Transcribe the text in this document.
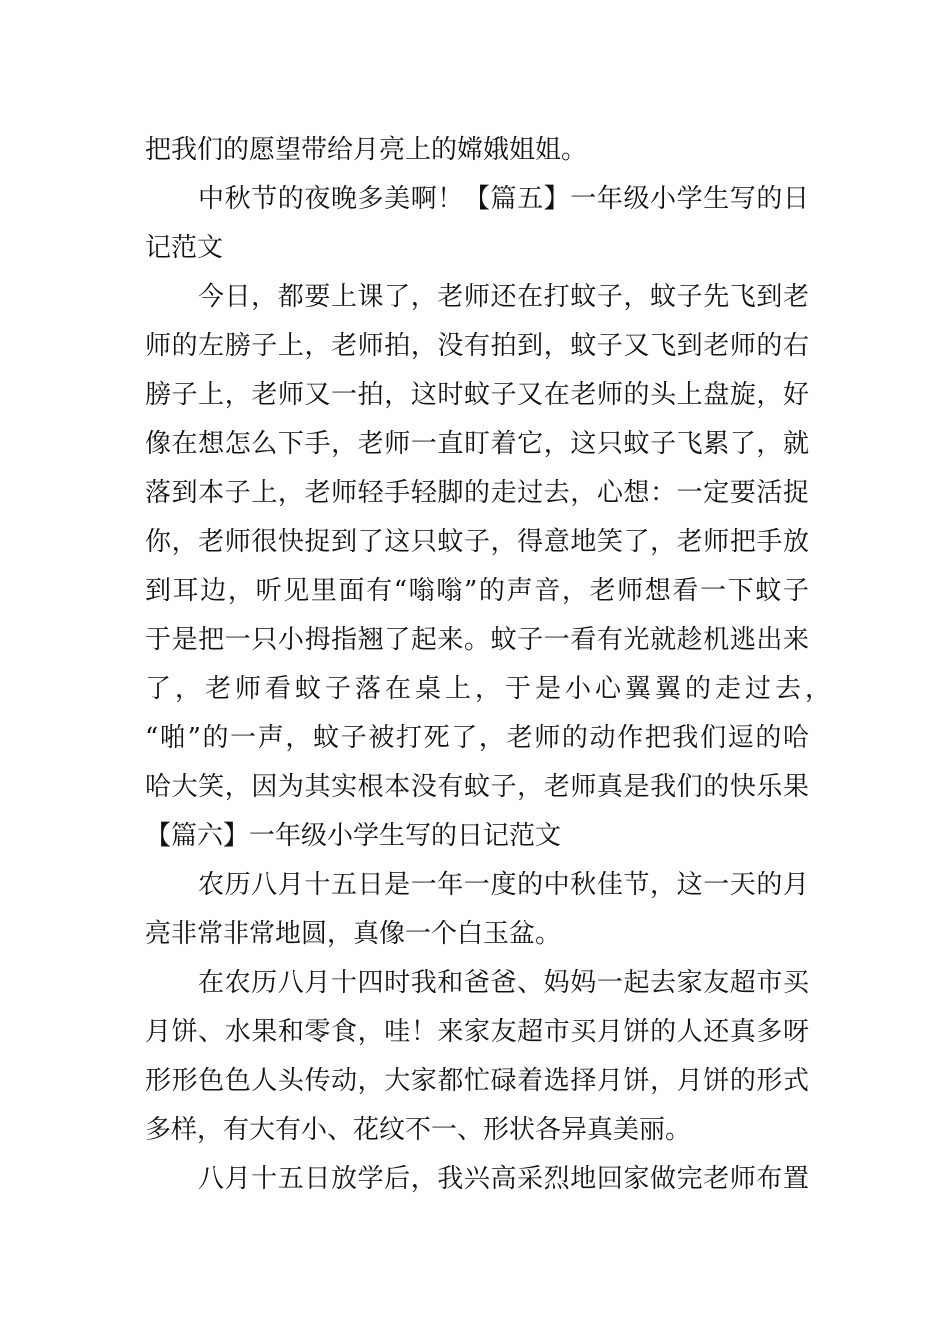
把我们的愿望带给月亮上的嫦娥姐姐。

中秋节的夜晚多美啊！【篇五】一年级小学生写的日

记范文

今日，都要上课了，老师还在打蚊子，蚊子先飞到老

师的左膀子上，老师拍，没有拍到，蚊子又飞到老师的右

膀子上，老师又一拍，这时蚊子又在老师的头上盘旋，好

像在想怎么下手，老师一直盯着它，这只蚊子飞累了，就

落到本子上，老师轻手轻脚的走过去，心想：一定要活捉

你，老师很快捉到了这只蚊子，得意地笑了，老师把手放

到耳边，听见里面有“嗡嗡”的声音，老师想看一下蚊子

于是把一只小拇指翘了起来。蚊子一看有光就趁机逃出来

了，老师看蚊子落在桌上，于是小心翼翼的走过去，

“啪”的一声，蚊子被打死了，老师的动作把我们逗的哈

哈大笑，因为其实根本没有蚊子，老师真是我们的快乐果

【篇六】一年级小学生写的日记范文

农历八月十五日是一年一度的中秋佳节，这一天的月

亮非常非常地圆，真像一个白玉盆。

在农历八月十四时我和爸爸、妈妈一起去家友超市买

月饼、水果和零食，哇！来家友超市买月饼的人还真多呀

形形色色人头传动，大家都忙碌着选择月饼，月饼的形式

多样，有大有小、花纹不一、形状各异真美丽。

八月十五日放学后，我兴高采烈地回家做完老师布置
